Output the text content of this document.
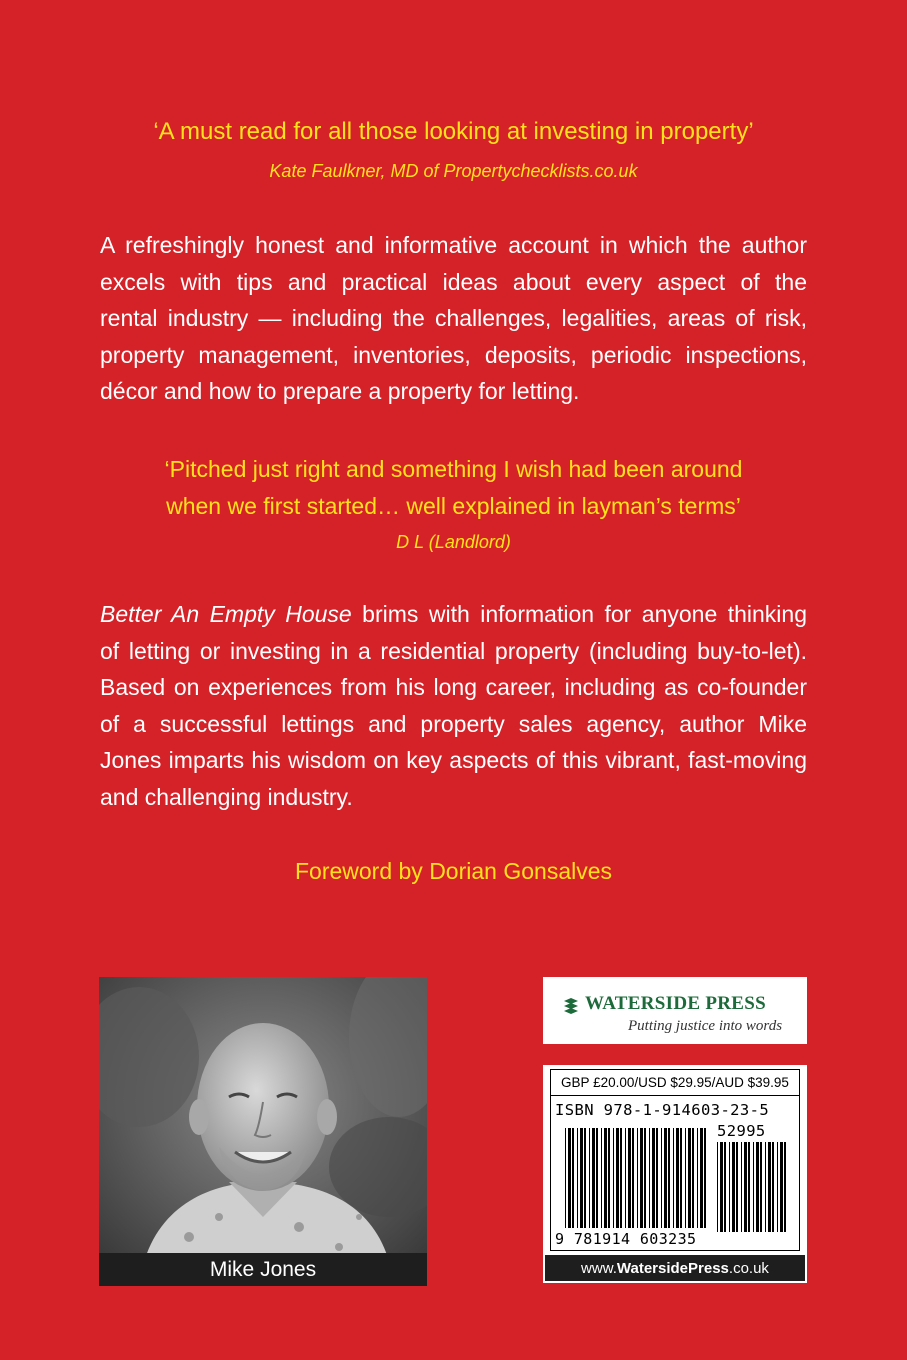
‘A must read for all those looking at investing in property’
Kate Faulkner, MD of Propertychecklists.co.uk
A refreshingly honest and informative account in which the author
excels with tips and practical ideas about every aspect of the
rental industry — including the challenges, legalities, areas of risk,
property management, inventories, deposits, periodic inspections,
décor and how to prepare a property for letting.
‘Pitched just right and something I wish had been around
when we first started… well explained in layman’s terms’
D L (Landlord)
Better An Empty House brims with information for anyone thinking
of letting or investing in a residential property (including buy-to-let).
Based on experiences from his long career, including as co-founder
of a successful lettings and property sales agency, author Mike
Jones imparts his wisdom on key aspects of this vibrant, fast-moving
and challenging industry.
Foreword by Dorian Gonsalves
Mike Jones
WATERSIDE PRESS
Putting justice into words
GBP £20.00/USD $29.95/AUD $39.95
ISBN 978-1-914603-23-5
52995
9 781914 603235
www.WatersidePress.co.uk
